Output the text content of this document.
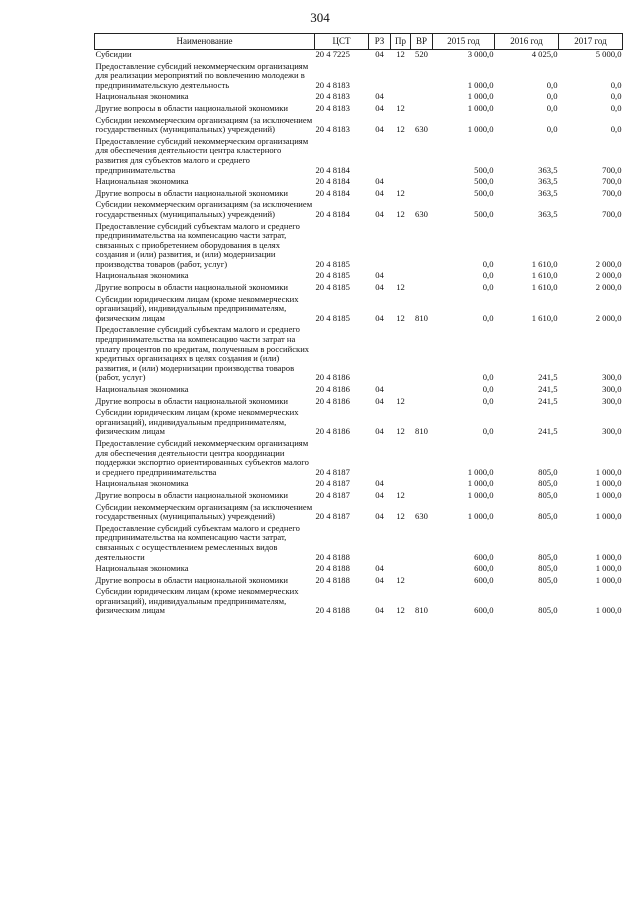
304
Наименование	ЦСТ	РЗ	Пр	ВР	2015 год	2016 год	2017 год
Субсидии	20 4 7225	04	12	520	3 000,0	4 025,0	5 000,0
Предоставление субсидий некоммерческим организациям для реализации мероприятий по вовлечению молодежи в предпринимательскую деятельность	20 4 8183				1 000,0	0,0	0,0
Национальная экономика	20 4 8183	04			1 000,0	0,0	0,0
Другие вопросы в области национальной экономики	20 4 8183	04	12		1 000,0	0,0	0,0
Субсидии некоммерческим организациям (за исключением государственных (муниципальных) учреждений)	20 4 8183	04	12	630	1 000,0	0,0	0,0
Предоставление субсидий некоммерческим организациям для обеспечения деятельности центра кластерного развития для субъектов малого и среднего предпринимательства	20 4 8184				500,0	363,5	700,0
Национальная экономика	20 4 8184	04			500,0	363,5	700,0
Другие вопросы в области национальной экономики	20 4 8184	04	12		500,0	363,5	700,0
Субсидии некоммерческим организациям (за исключением государственных (муниципальных) учреждений)	20 4 8184	04	12	630	500,0	363,5	700,0
Предоставление субсидий субъектам малого и среднего предпринимательства на компенсацию части затрат, связанных с приобретением оборудования в целях создания и (или) развития, и (или) модернизации производства товаров (работ, услуг)	20 4 8185				0,0	1 610,0	2 000,0
Национальная экономика	20 4 8185	04			0,0	1 610,0	2 000,0
Другие вопросы в области национальной экономики	20 4 8185	04	12		0,0	1 610,0	2 000,0
Субсидии юридическим лицам (кроме некоммерческих организаций), индивидуальным предпринимателям, физическим лицам	20 4 8185	04	12	810	0,0	1 610,0	2 000,0
Предоставление субсидий субъектам малого и среднего предпринимательства на компенсацию части затрат на уплату процентов по кредитам, полученным в российских кредитных организациях в целях создания и (или) развития, и (или) модернизации производства товаров (работ, услуг)	20 4 8186				0,0	241,5	300,0
Национальная экономика	20 4 8186	04			0,0	241,5	300,0
Другие вопросы в области национальной экономики	20 4 8186	04	12		0,0	241,5	300,0
Субсидии юридическим лицам (кроме некоммерческих организаций), индивидуальным предпринимателям, физическим лицам	20 4 8186	04	12	810	0,0	241,5	300,0
Предоставление субсидий некоммерческим организациям для обеспечения деятельности центра координации поддержки экспортно ориентированных субъектов малого и среднего предпринимательства	20 4 8187				1 000,0	805,0	1 000,0
Национальная экономика	20 4 8187	04			1 000,0	805,0	1 000,0
Другие вопросы в области национальной экономики	20 4 8187	04	12		1 000,0	805,0	1 000,0
Субсидии некоммерческим организациям (за исключением государственных (муниципальных) учреждений)	20 4 8187	04	12	630	1 000,0	805,0	1 000,0
Предоставление субсидий субъектам малого и среднего предпринимательства на компенсацию части затрат, связанных с осуществлением ремесленных видов деятельности	20 4 8188				600,0	805,0	1 000,0
Национальная экономика	20 4 8188	04			600,0	805,0	1 000,0
Другие вопросы в области национальной экономики	20 4 8188	04	12		600,0	805,0	1 000,0
Субсидии юридическим лицам (кроме некоммерческих организаций), индивидуальным предпринимателям, физическим лицам	20 4 8188	04	12	810	600,0	805,0	1 000,0
